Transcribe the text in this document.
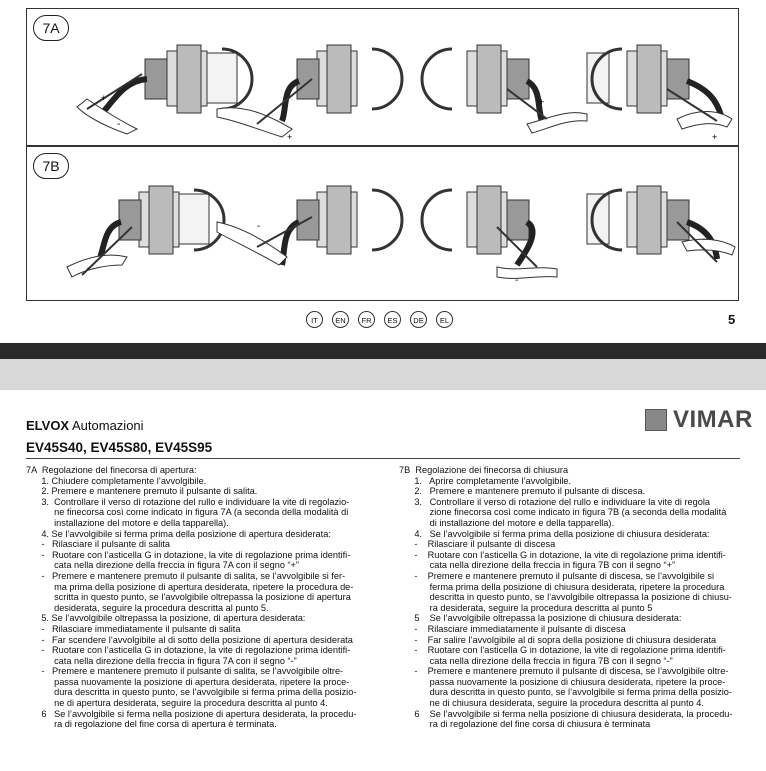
7A
+
-
+
+
+
7B
-
-
-
-
IT	EN	FR	ES	DE	EL	5
ELVOX Automazioni	VIMAR
EV45S40, EV45S80, EV45S95
7A  Regolazione del finecorsa di apertura:
1. Chiudere completamente l’avvolgibile.
2. Premere e mantenere premuto il pulsante di salita.
3.  Controllare il verso di rotazione del rullo e individuare la vite di regolazio-
ne finecorsa così come indicato in figura 7A (a seconda della modalità di
installazione del motore e della tapparella).
4. Se l’avvolgibile si ferma prima della posizione di apertura desiderata:
-   Rilasciare il pulsante di salita
-   Ruotare con l’asticella G in dotazione, la vite di regolazione prima identifi-
cata nella direzione della freccia in figura 7A con il segno “+”
-   Premere e mantenere premuto il pulsante di salita, se l’avvolgibile si fer-
ma prima della posizione di apertura desiderata, ripetere la procedura de-
scritta in questo punto, se l’avvolgibile oltrepassa la posizione di apertura
desiderata, seguire la procedura descritta al punto 5.
5. Se l’avvolgibile oltrepassa la posizione, di apertura desiderata:
-   Rilasciare immediatamente il pulsante di salita
-   Far scendere l’avvolgibile al di sotto della posizione di apertura desiderata
-   Ruotare con l’asticella G in dotazione, la vite di regolazione prima identifi-
cata nella direzione della freccia in figura 7A con il segno “-”
-   Premere e mantenere premuto il pulsante di salita, se l’avvolgibile oltre-
passa nuovamente la posizione di apertura desiderata, ripetere la proce-
dura descritta in questo punto, se l’avvolgibile si ferma prima della posizio-
ne di apertura desiderata, seguire la procedura descritta al punto 4.
6   Se l’avvolgibile si ferma nella posizione di apertura desiderata, la procedu-
ra di regolazione del fine corsa di apertura è terminata.
7B  Regolazione dei finecorsa di chiusura
1.   Aprire completamente l’avvolgibile.
2.   Premere e mantenere premuto il pulsante di discesa.
3.   Controllare il verso di rotazione del rullo e individuare la vite di regola
zione finecorsa così come indicato in figura 7B (a seconda della modalità
di installazione del motore e della tapparella).
4.   Se l’avvolgibile si ferma prima della posizione di chiusura desiderata:
-    Rilasciare il pulsante di discesa
-    Ruotare con l’asticella G in dotazione, la vite di regolazione prima identifi-
cata nella direzione della freccia in figura 7B con il segno “+”
-    Premere e mantenere premuto il pulsante di discesa, se l’avvolgibile si
ferma prima della posizione di chiusura desiderata, ripetere la procedura
descritta in questo punto, se l’avvolgibile oltrepassa la posizione di chiusu-
ra desiderata, seguire la procedura descritta al punto 5
5    Se l’avvolgibile oltrepassa la posizione di chiusura desiderata:
-    Rilasciare immediatamente il pulsante di discesa
-    Far salire l’avvolgibile al di sopra della posizione di chiusura desiderata
-    Ruotare con l’asticella G in dotazione, la vite di regolazione prima identifi-
cata nella direzione della freccia in figura 7B con il segno “-”
-    Premere e mantenere premuto il pulsante di discesa, se l’avvolgibile oltre-
passa nuovamente la posizione di chiusura desiderata, ripetere la proce-
dura descritta in questo punto, se l’avvolgibile si ferma prima della posizio-
ne di chiusura desiderata, seguire la procedura descritta al punto 4.
6    Se l’avvolgibile si ferma nella posizione di chiusura desiderata, la procedu-
ra di regolazione del fine corsa di chiusura è terminata
